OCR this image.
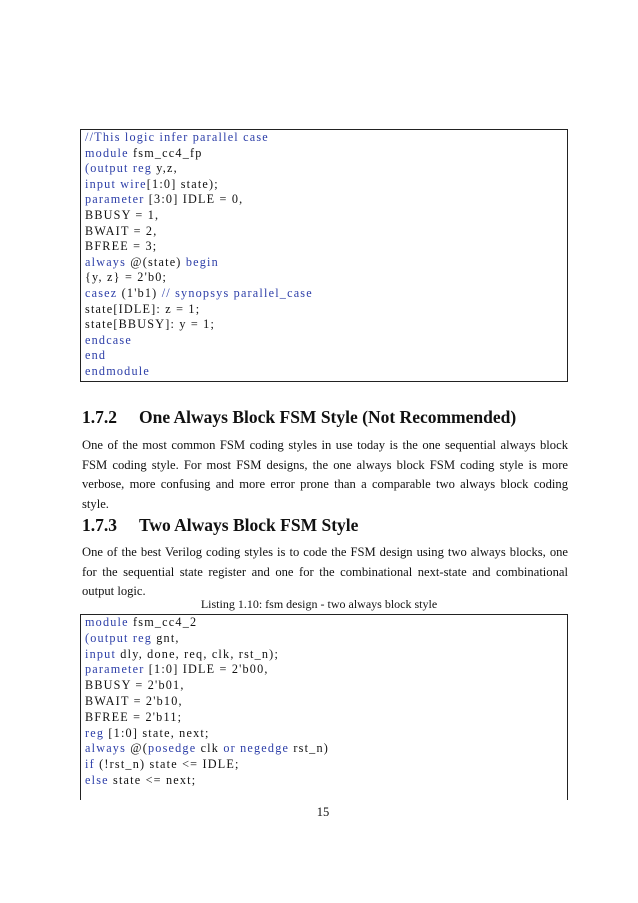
//This logic infer parallel case
module fsm_cc4_fp
(output reg y,z,
input wire[1:0] state);
parameter [3:0] IDLE = 0,
BBUSY = 1,
BWAIT = 2,
BFREE = 3;
always @(state) begin
{y, z} = 2'b0;
casez (1'b1) // synopsys parallel_case
state[IDLE]: z = 1;
state[BBUSY]: y = 1;
endcase
end
endmodule
1.7.2 One Always Block FSM Style (Not Recommended)
One of the most common FSM coding styles in use today is the one sequential always block FSM coding style. For most FSM designs, the one always block FSM coding style is more verbose, more confusing and more error prone than a comparable two always block coding style.
1.7.3 Two Always Block FSM Style
One of the best Verilog coding styles is to code the FSM design using two always blocks, one for the sequential state register and one for the combinational next-state and combinational output logic.
Listing 1.10: fsm design - two always block style
module fsm_cc4_2
(output reg gnt,
input dly, done, req, clk, rst_n);
parameter [1:0] IDLE = 2'b00,
BBUSY = 2'b01,
BWAIT = 2'b10,
BFREE = 2'b11;
reg [1:0] state, next;
always @(posedge clk or negedge rst_n)
if (!rst_n) state <= IDLE;
else state <= next;
15
